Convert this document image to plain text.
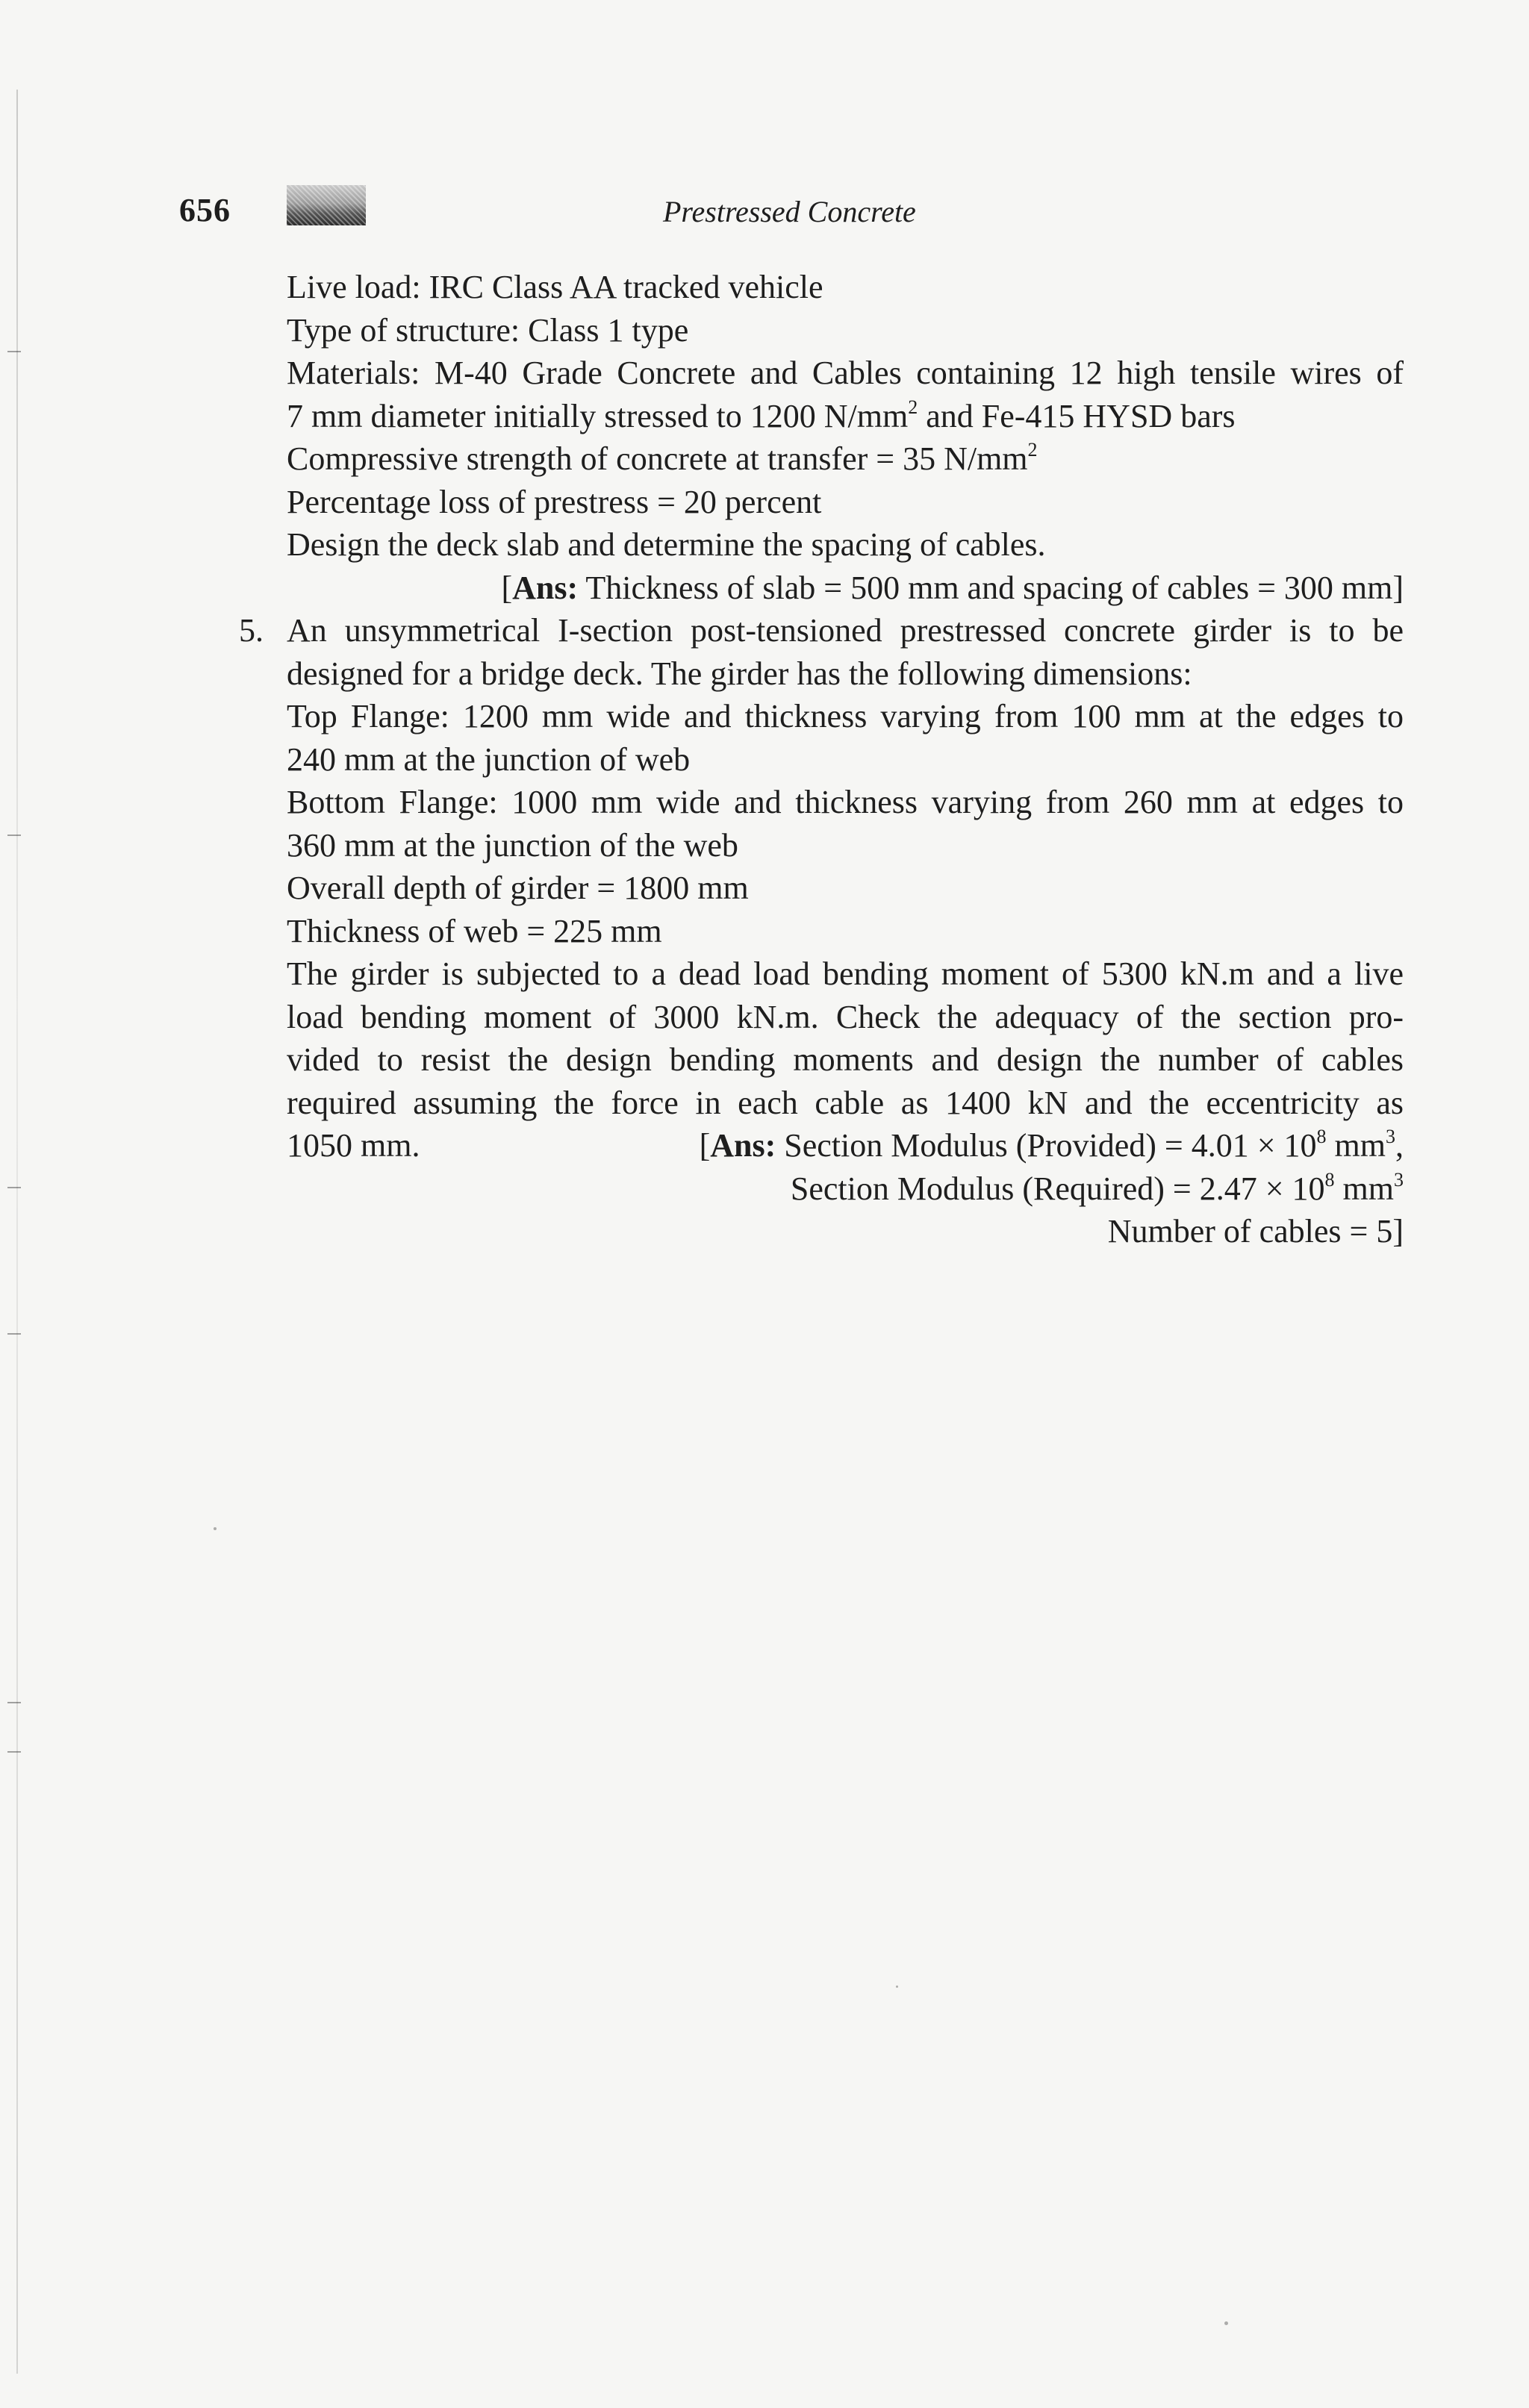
656	Prestressed Concrete
Live load: IRC Class AA tracked vehicle
Type of structure: Class 1 type
Materials: M-40 Grade Concrete and Cables containing 12 high tensile wires of
7 mm diameter initially stressed to 1200 $N/mm^2$ and Fe-415 HYSD bars
Compressive strength of concrete at transfer = 35 $N/mm^2$
Percentage loss of prestress = 20 percent
Design the deck slab and determine the spacing of cables.
[Ans: Thickness of slab = 500 mm and spacing of cables = 300 mm]
5. An unsymmetrical I-section post-tensioned prestressed concrete girder is to be
designed for a bridge deck. The girder has the following dimensions:
Top Flange: 1200 mm wide and thickness varying from 100 mm at the edges to
240 mm at the junction of web
Bottom Flange: 1000 mm wide and thickness varying from 260 mm at edges to
360 mm at the junction of the web
Overall depth of girder = 1800 mm
Thickness of web = 225 mm
The girder is subjected to a dead load bending moment of 5300 kN.m and a live
load bending moment of 3000 kN.m. Check the adequacy of the section pro-
vided to resist the design bending moments and design the number of cables
required assuming the force in each cable as 1400 kN and the eccentricity as
1050 mm.	[Ans: Section Modulus (Provided) = $4.01 \times 10^8$ $mm^3$,
Section Modulus (Required) = $2.47 \times 10^8$ $mm^3$
Number of cables = 5]
